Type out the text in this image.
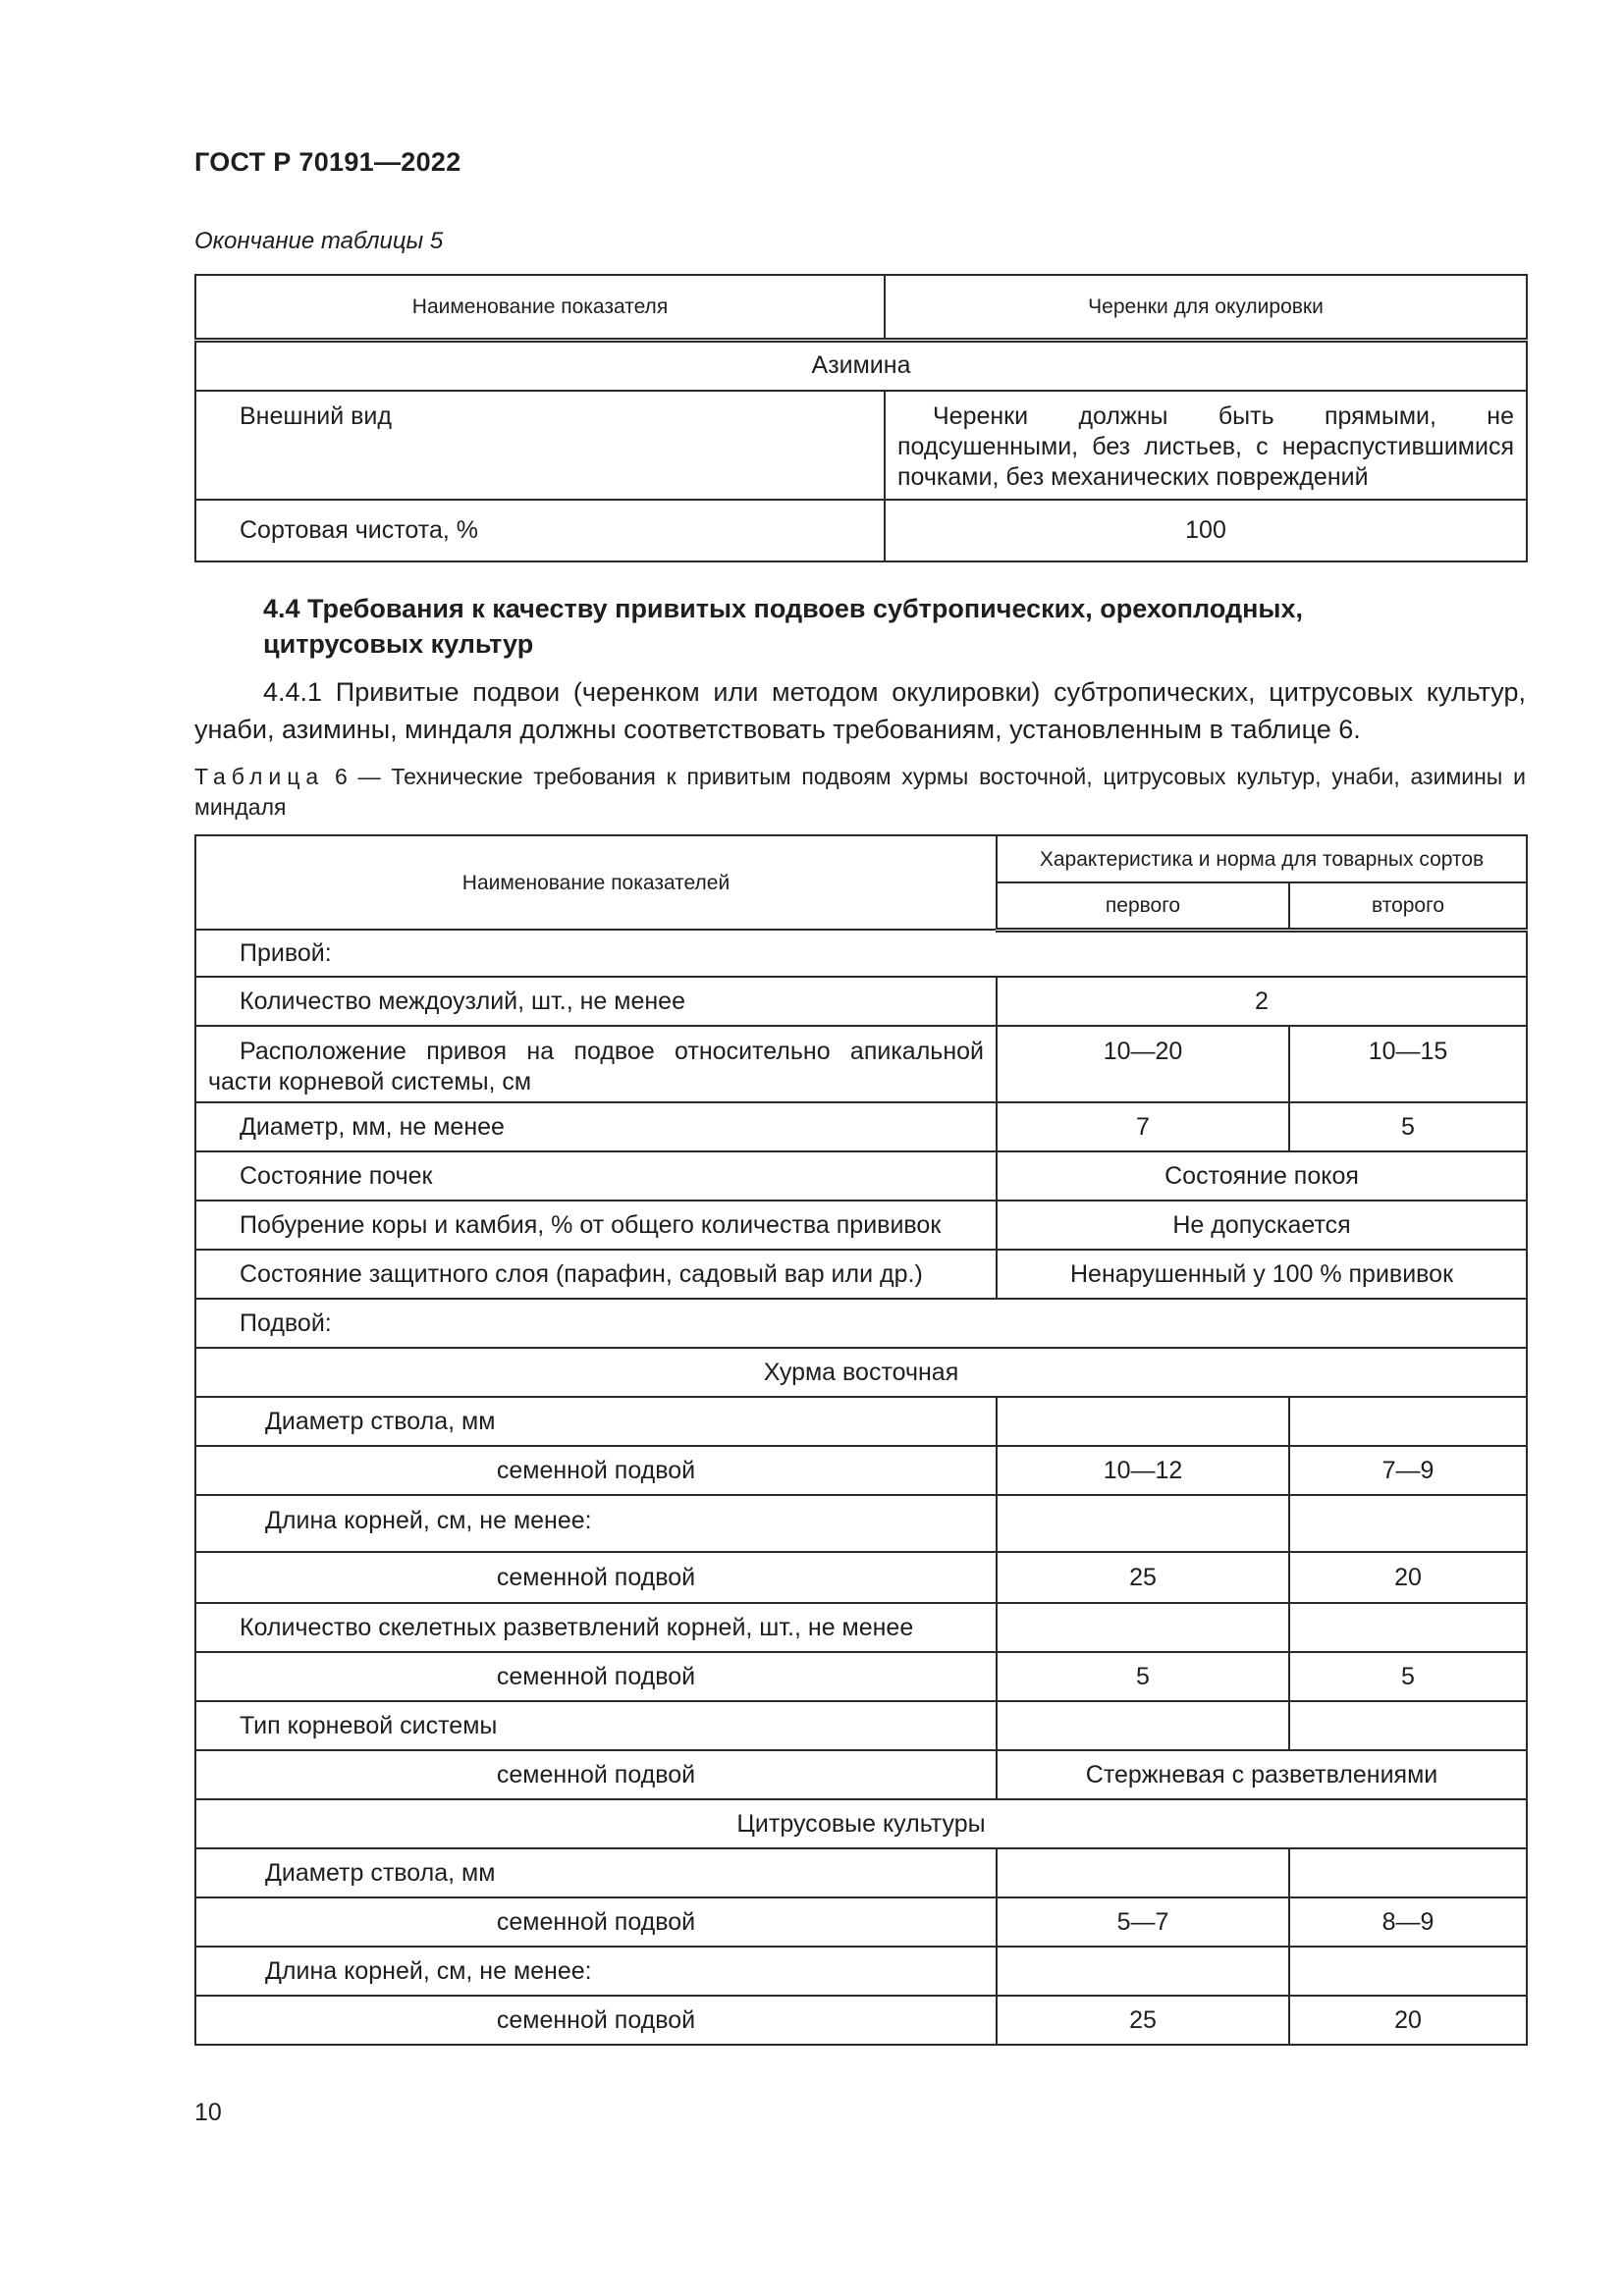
ГОСТ Р 70191—2022
Окончание таблицы 5
Наименование показателя	Черенки для окулировки
Азимина	
Внешний вид	Черенки должны быть прямыми, не подсушенными, без листьев, с нераспустившимися почками, без механических повреждений
Сортовая чистота, %	100
4.4 Требования к качеству привитых подвоев субтропических, орехоплодных, цитрусовых культур
4.4.1 Привитые подвои (черенком или методом окулировки) субтропических, цитрусовых культур, унаби, азимины, миндаля должны соответствовать требованиям, установленным в таблице 6.
Таблица 6 — Технические требования к привитым подвоям хурмы восточной, цитрусовых культур, унаби, азимины и миндаля
Наименование показателей	Характеристика и норма для товарных сортов	
	первого	второго
Привой:		
Количество междоузлий, шт., не менее	2	
Расположение привоя на подвое относительно апикальной части корневой системы, см	10—20	10—15
Диаметр, мм, не менее	7	5
Состояние почек	Состояние покоя	
Побурение коры и камбия, % от общего количества прививок	Не допускается	
Состояние защитного слоя (парафин, садовый вар или др.)	Ненарушенный у 100 % прививок	
Подвой:		
Хурма восточная		
Диаметр ствола, мм		
семенной подвой	10—12	7—9
Длина корней, см, не менее:		
семенной подвой	25	20
Количество скелетных разветвлений корней, шт., не менее		
семенной подвой	5	5
Тип корневой системы		
семенной подвой	Стержневая с разветвлениями	
Цитрусовые культуры		
Диаметр ствола, мм		
семенной подвой	5—7	8—9
Длина корней, см, не менее:		
семенной подвой	25	20
10
